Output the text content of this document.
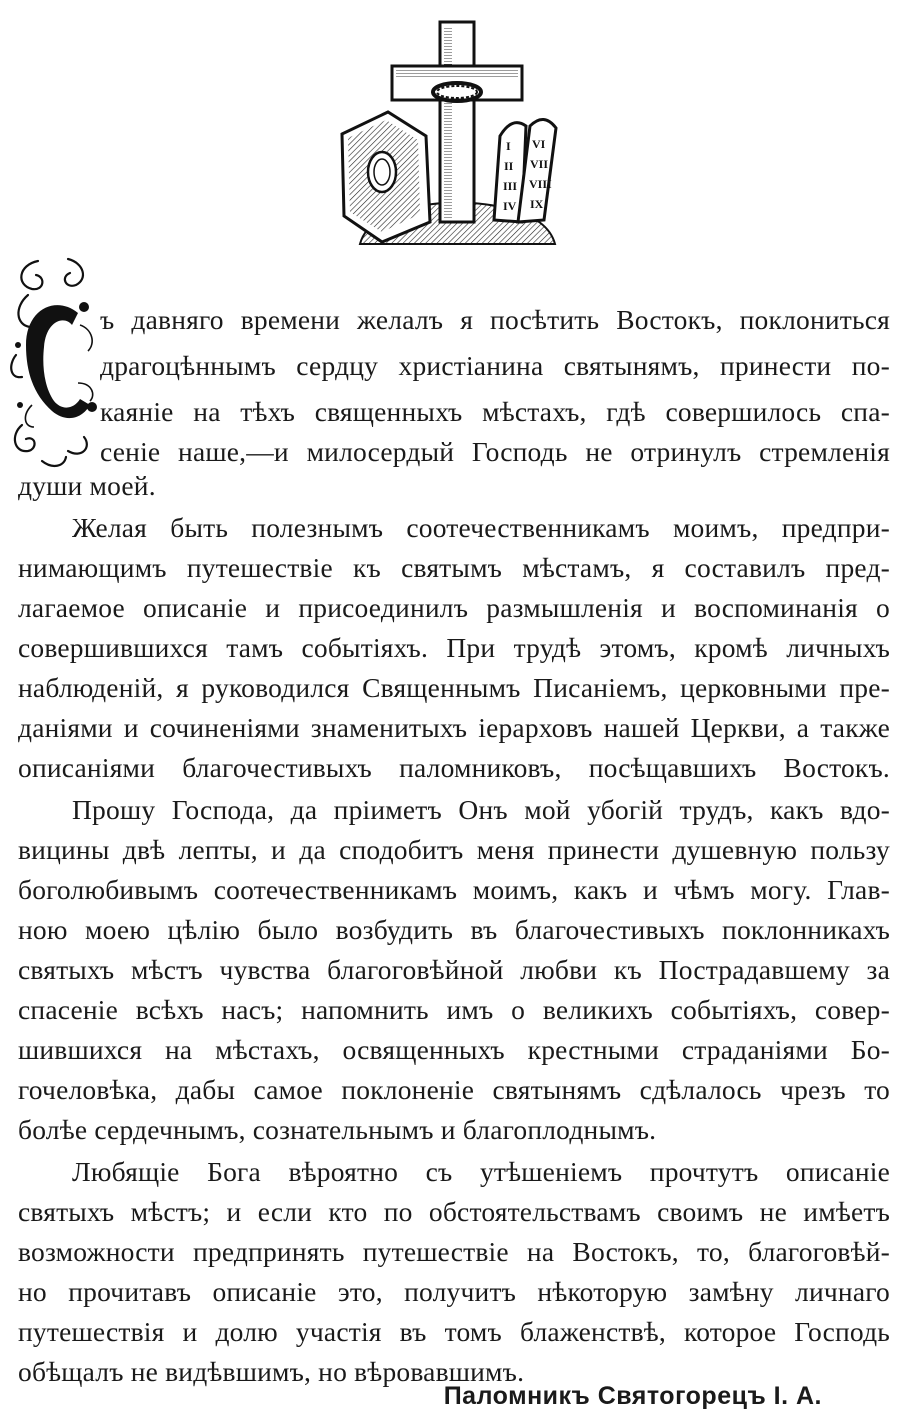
I
II
III
IV
VI
VII
VIII
IX
ъ давняго времени желалъ я посѣтить Востокъ, поклониться
драгоцѣннымъ сердцу христіанина святынямъ, принести по-
каяніе на тѣхъ священныхъ мѣстахъ, гдѣ совершилось спа-
сеніе наше,—и милосердый Господь не отринулъ стремленія
души моей.
Желая быть полезнымъ соотечественникамъ моимъ, предпри-
нимающимъ путешествіе къ святымъ мѣстамъ, я составилъ пред-
лагаемое описаніе и присоединилъ размышленія и воспоминанія о
совершившихся тамъ событіяхъ. При трудѣ этомъ, кромѣ личныхъ
наблюденій, я руководился Священнымъ Писаніемъ, церковными пре-
даніями и сочиненіями знаменитыхъ іерарховъ нашей Церкви, а также
описаніями благочестивыхъ паломниковъ, посѣщавшихъ Востокъ.
Прошу Господа, да пріиметъ Онъ мой убогій трудъ, какъ вдо-
вицины двѣ лепты, и да сподобитъ меня принести душевную пользу
боголюбивымъ соотечественникамъ моимъ, какъ и чѣмъ могу. Глав-
ною моею цѣлію было возбудить въ благочестивыхъ поклонникахъ
святыхъ мѣстъ чувства благоговѣйной любви къ Пострадавшему за
спасеніе всѣхъ насъ; напомнить имъ о великихъ событіяхъ, совер-
шившихся на мѣстахъ, освященныхъ крестными страданіями Бо-
гочеловѣка, дабы самое поклоненіе святынямъ сдѣлалось чрезъ то
болѣе сердечнымъ, сознательнымъ и благоплоднымъ.
Любящіе Бога вѣроятно съ утѣшеніемъ прочтутъ описаніе
святыхъ мѣстъ; и если кто по обстоятельствамъ своимъ не имѣетъ
возможности предпринять путешествіе на Востокъ, то, благоговѣй-
но прочитавъ описаніе это, получитъ нѣкоторую замѣну личнаго
путешествія и долю участія въ томъ блаженствѣ, которое Господь
обѣщалъ не видѣвшимъ, но вѣровавшимъ.
Паломникъ Святогорецъ І. А.
